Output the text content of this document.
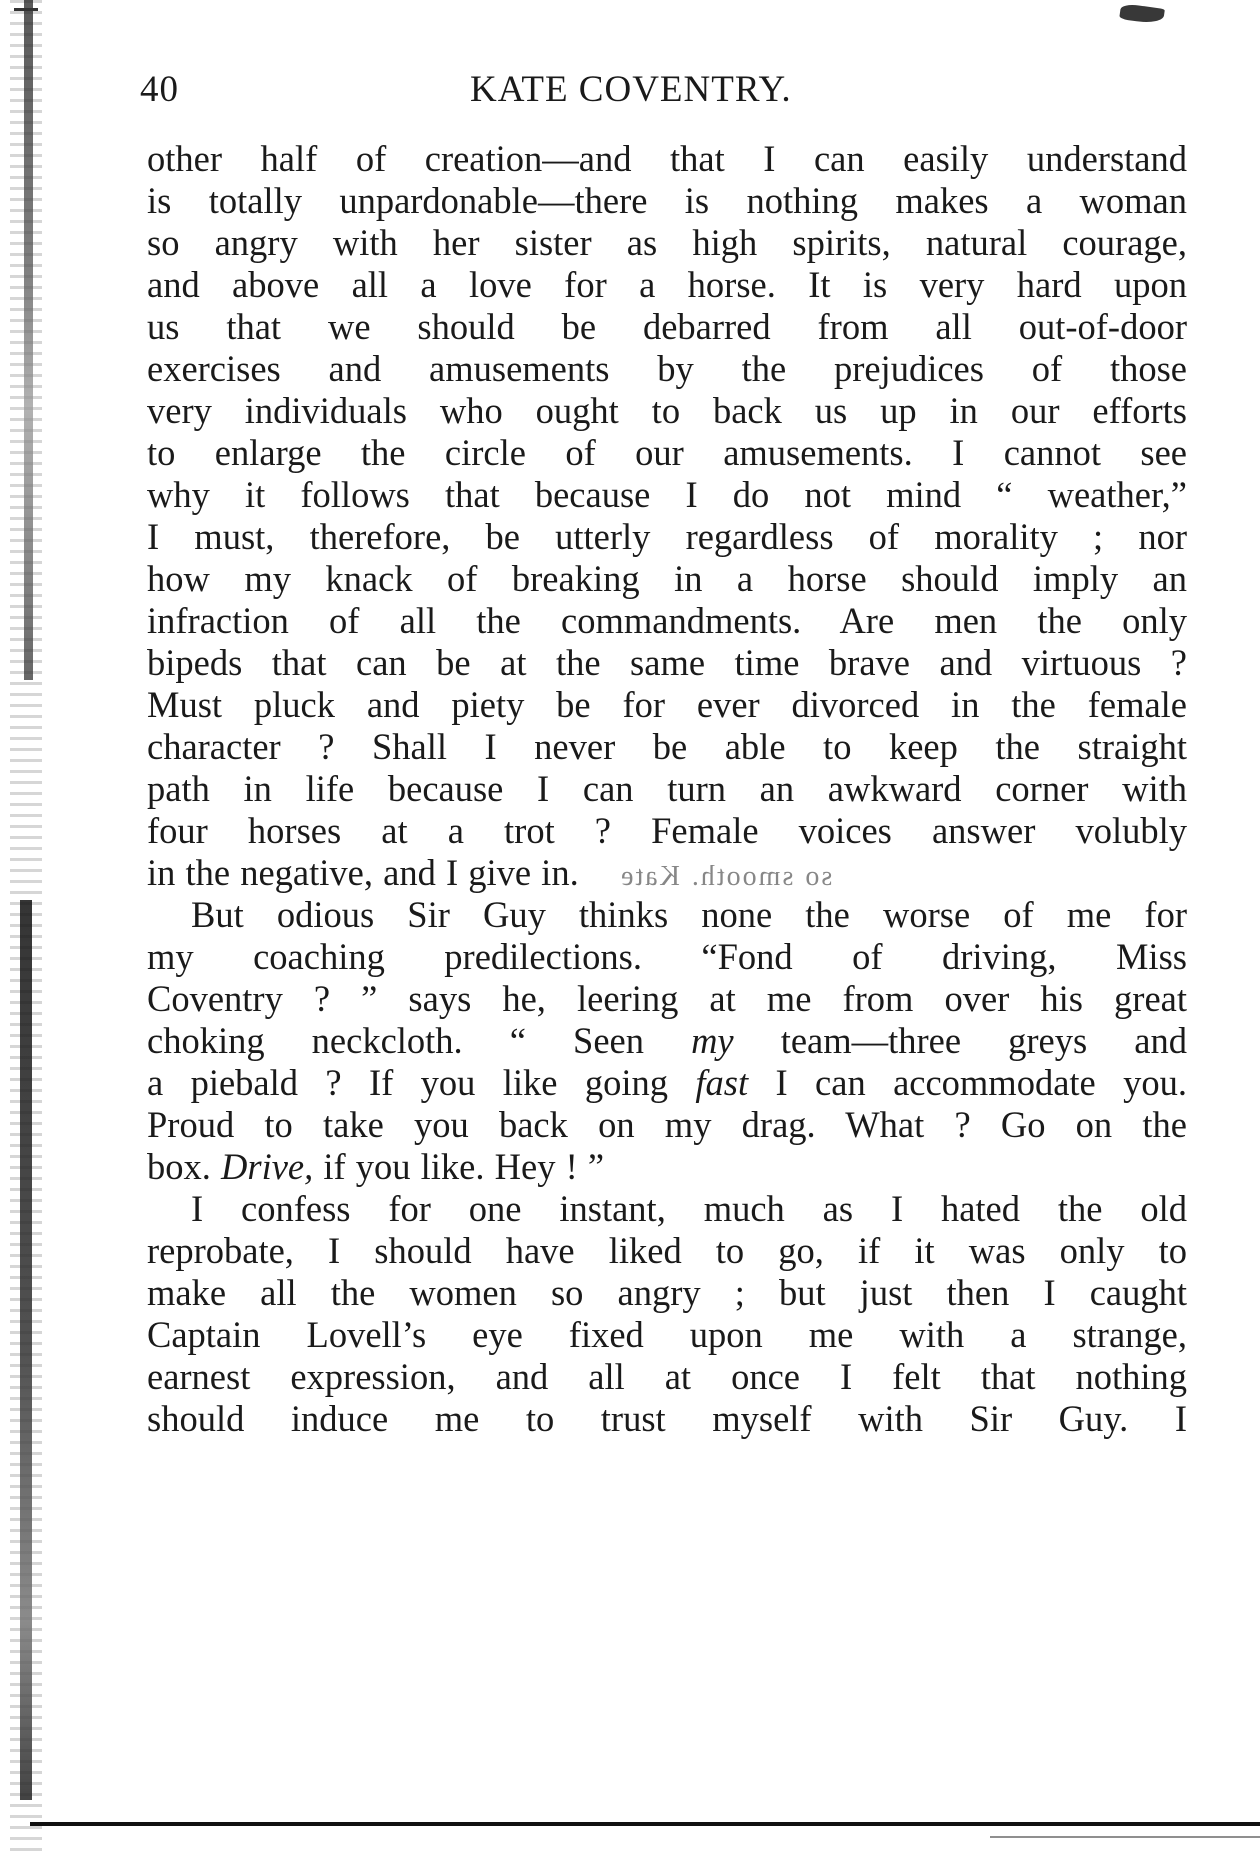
40	KATE COVENTRY.
other half of creation—and that I can easily understand
is totally unpardonable—there is nothing makes a woman
so angry with her sister as high spirits, natural courage,
and above all a love for a horse. It is very hard upon
us that we should be debarred from all out-of-door
exercises and amusements by the prejudices of those
very individuals who ought to back us up in our efforts
to enlarge the circle of our amusements. I cannot see
why it follows that because I do not mind “ weather,”
I must, therefore, be utterly regardless of morality ; nor
how my knack of breaking in a horse should imply an
infraction of all the commandments. Are men the only
bipeds that can be at the same time brave and virtuous ?
Must pluck and piety be for ever divorced in the female
character ? Shall I never be able to keep the straight
path in life because I can turn an awkward corner with
four horses at a trot ? Female voices answer volubly
in the negative, and I give in. so smooth. Kate
But odious Sir Guy thinks none the worse of me for
my coaching predilections. “Fond of driving, Miss
Coventry ? ” says he, leering at me from over his great
choking neckcloth. “ Seen my team—three greys and
a piebald ? If you like going fast I can accommodate you.
Proud to take you back on my drag. What ? Go on the
box. Drive, if you like. Hey ! ”
I confess for one instant, much as I hated the old
reprobate, I should have liked to go, if it was only to
make all the women so angry ; but just then I caught
Captain Lovell’s eye fixed upon me with a strange,
earnest expression, and all at once I felt that nothing
should induce me to trust myself with Sir Guy. I
